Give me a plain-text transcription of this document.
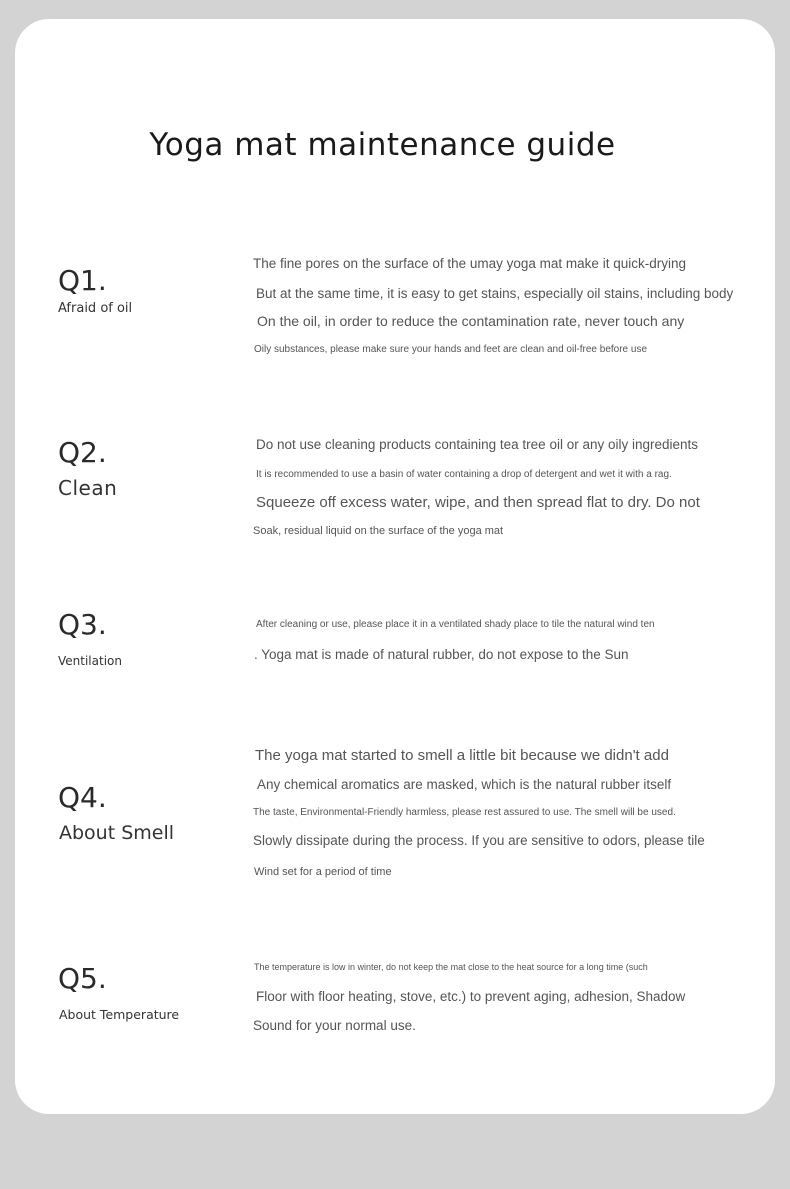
Yoga mat maintenance guide
Q1.
Afraid of oil
The fine pores on the surface of the umay yoga mat make it quick-drying
But at the same time, it is easy to get stains, especially oil stains, including body
On the oil, in order to reduce the contamination rate, never touch any
Oily substances, please make sure your hands and feet are clean and oil-free before use
Q2.
Clean
Do not use cleaning products containing tea tree oil or any oily ingredients
It is recommended to use a basin of water containing a drop of detergent and wet it with a rag.
Squeeze off excess water, wipe, and then spread flat to dry. Do not
Soak, residual liquid on the surface of the yoga mat
Q3.
Ventilation
After cleaning or use, please place it in a ventilated shady place to tile the natural wind ten
. Yoga mat is made of natural rubber, do not expose to the Sun
Q4.
About Smell
The yoga mat started to smell a little bit because we didn't add
Any chemical aromatics are masked, which is the natural rubber itself
The taste, Environmental-Friendly harmless, please rest assured to use. The smell will be used.
Slowly dissipate during the process. If you are sensitive to odors, please tile
Wind set for a period of time
Q5.
About Temperature
The temperature is low in winter, do not keep the mat close to the heat source for a long time (such
Floor with floor heating, stove, etc.) to prevent aging, adhesion, Shadow
Sound for your normal use.
